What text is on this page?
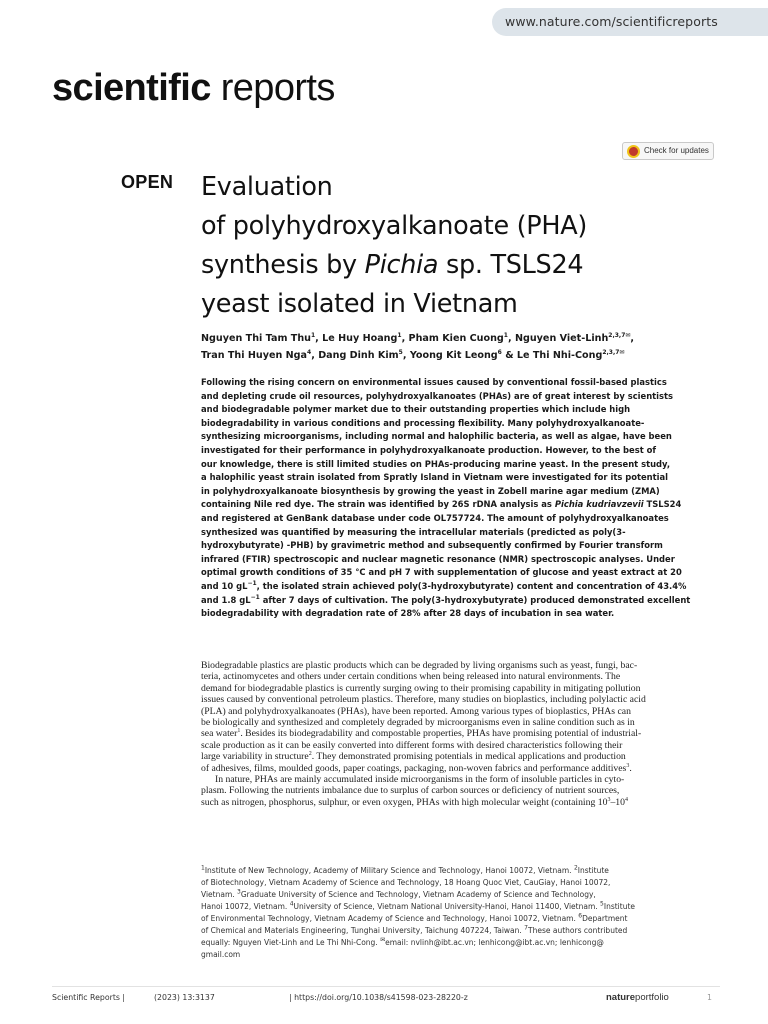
www.nature.com/scientificreports
scientific reports
Check for updates
OPEN Evaluation
of polyhydroxyalkanoate (PHA)
synthesis by Pichia sp. TSLS24
yeast isolated in Vietnam
Nguyen Thi Tam Thu$^1$, Le Huy Hoang$^1$, Pham Kien Cuong$^1$, Nguyen Viet-Linh$^{2,3,7✉}$,
Tran Thi Huyen Nga$^4$, Dang Dinh Kim$^5$, Yoong Kit Leong$^6$ & Le Thi Nhi-Cong$^{2,3,7✉}$
Following the rising concern on environmental issues caused by conventional fossil-based plastics
and depleting crude oil resources, polyhydroxyalkanoates (PHAs) are of great interest by scientists
and biodegradable polymer market due to their outstanding properties which include high
biodegradability in various conditions and processing flexibility. Many polyhydroxyalkanoate-
synthesizing microorganisms, including normal and halophilic bacteria, as well as algae, have been
investigated for their performance in polyhydroxyalkanoate production. However, to the best of
our knowledge, there is still limited studies on PHAs-producing marine yeast. In the present study,
a halophilic yeast strain isolated from Spratly Island in Vietnam were investigated for its potential
in polyhydroxyalkanoate biosynthesis by growing the yeast in Zobell marine agar medium (ZMA)
containing Nile red dye. The strain was identified by 26S rDNA analysis as Pichia kudriavzevii TSLS24
and registered at GenBank database under code OL757724. The amount of polyhydroxyalkanoates
synthesized was quantified by measuring the intracellular materials (predicted as poly(3-
hydroxybutyrate) -PHB) by gravimetric method and subsequently confirmed by Fourier transform
infrared (FTIR) spectroscopic and nuclear magnetic resonance (NMR) spectroscopic analyses. Under
optimal growth conditions of 35 °C and pH 7 with supplementation of glucose and yeast extract at 20
and 10 $gL^{-1}$, the isolated strain achieved poly(3-hydroxybutyrate) content and concentration of 43.4%
and 1.8 $gL^{-1}$ after 7 days of cultivation. The poly(3-hydroxybutyrate) produced demonstrated excellent
biodegradability with degradation rate of 28% after 28 days of incubation in sea water.
Biodegradable plastics are plastic products which can be degraded by living organisms such as yeast, fungi, bac-
teria, actinomycetes and others under certain conditions when being released into natural environments. The
demand for biodegradable plastics is currently surging owing to their promising capability in mitigating pollution
issues caused by conventional petroleum plastics. Therefore, many studies on bioplastics, including polylactic acid
(PLA) and polyhydroxyalkanoates (PHAs), have been reported. Among various types of bioplastics, PHAs can
be biologically and synthesized and completely degraded by microorganisms even in saline condition such as in
sea water$^1$. Besides its biodegradability and compostable properties, PHAs have promising potential of industrial-
scale production as it can be easily converted into different forms with desired characteristics following their
large variability in structure$^2$. They demonstrated promising potentials in medical applications and production
of adhesives, films, moulded goods, paper coatings, packaging, non-woven fabrics and performance additives$^3$.
In nature, PHAs are mainly accumulated inside microorganisms in the form of insoluble particles in cyto-
plasm. Following the nutrients imbalance due to surplus of carbon sources or deficiency of nutrient sources,
such as nitrogen, phosphorus, sulphur, or even oxygen, PHAs with high molecular weight (containing $10^3-10^4$
$^1$Institute of New Technology, Academy of Military Science and Technology, Hanoi 10072, Vietnam. $^2$Institute
of Biotechnology, Vietnam Academy of Science and Technology, 18 Hoang Quoc Viet, CauGiay, Hanoi 10072,
Vietnam. $^3$Graduate University of Science and Technology, Vietnam Academy of Science and Technology,
Hanoi 10072, Vietnam. $^4$University of Science, Vietnam National University-Hanoi, Hanoi 11400, Vietnam. $^5$Institute
of Environmental Technology, Vietnam Academy of Science and Technology, Hanoi 10072, Vietnam. $^6$Department
of Chemical and Materials Engineering, Tunghai University, Taichung 407224, Taiwan. $^7$These authors contributed
equally: Nguyen Viet-Linh and Le Thi Nhi-Cong. ✉email: nvlinh@ibt.ac.vn; lenhicong@ibt.ac.vn; lenhicong@
gmail.com
Scientific Reports |	(2023) 13:3137	| https://doi.org/10.1038/s41598-023-28220-z	natureportfolio	1
